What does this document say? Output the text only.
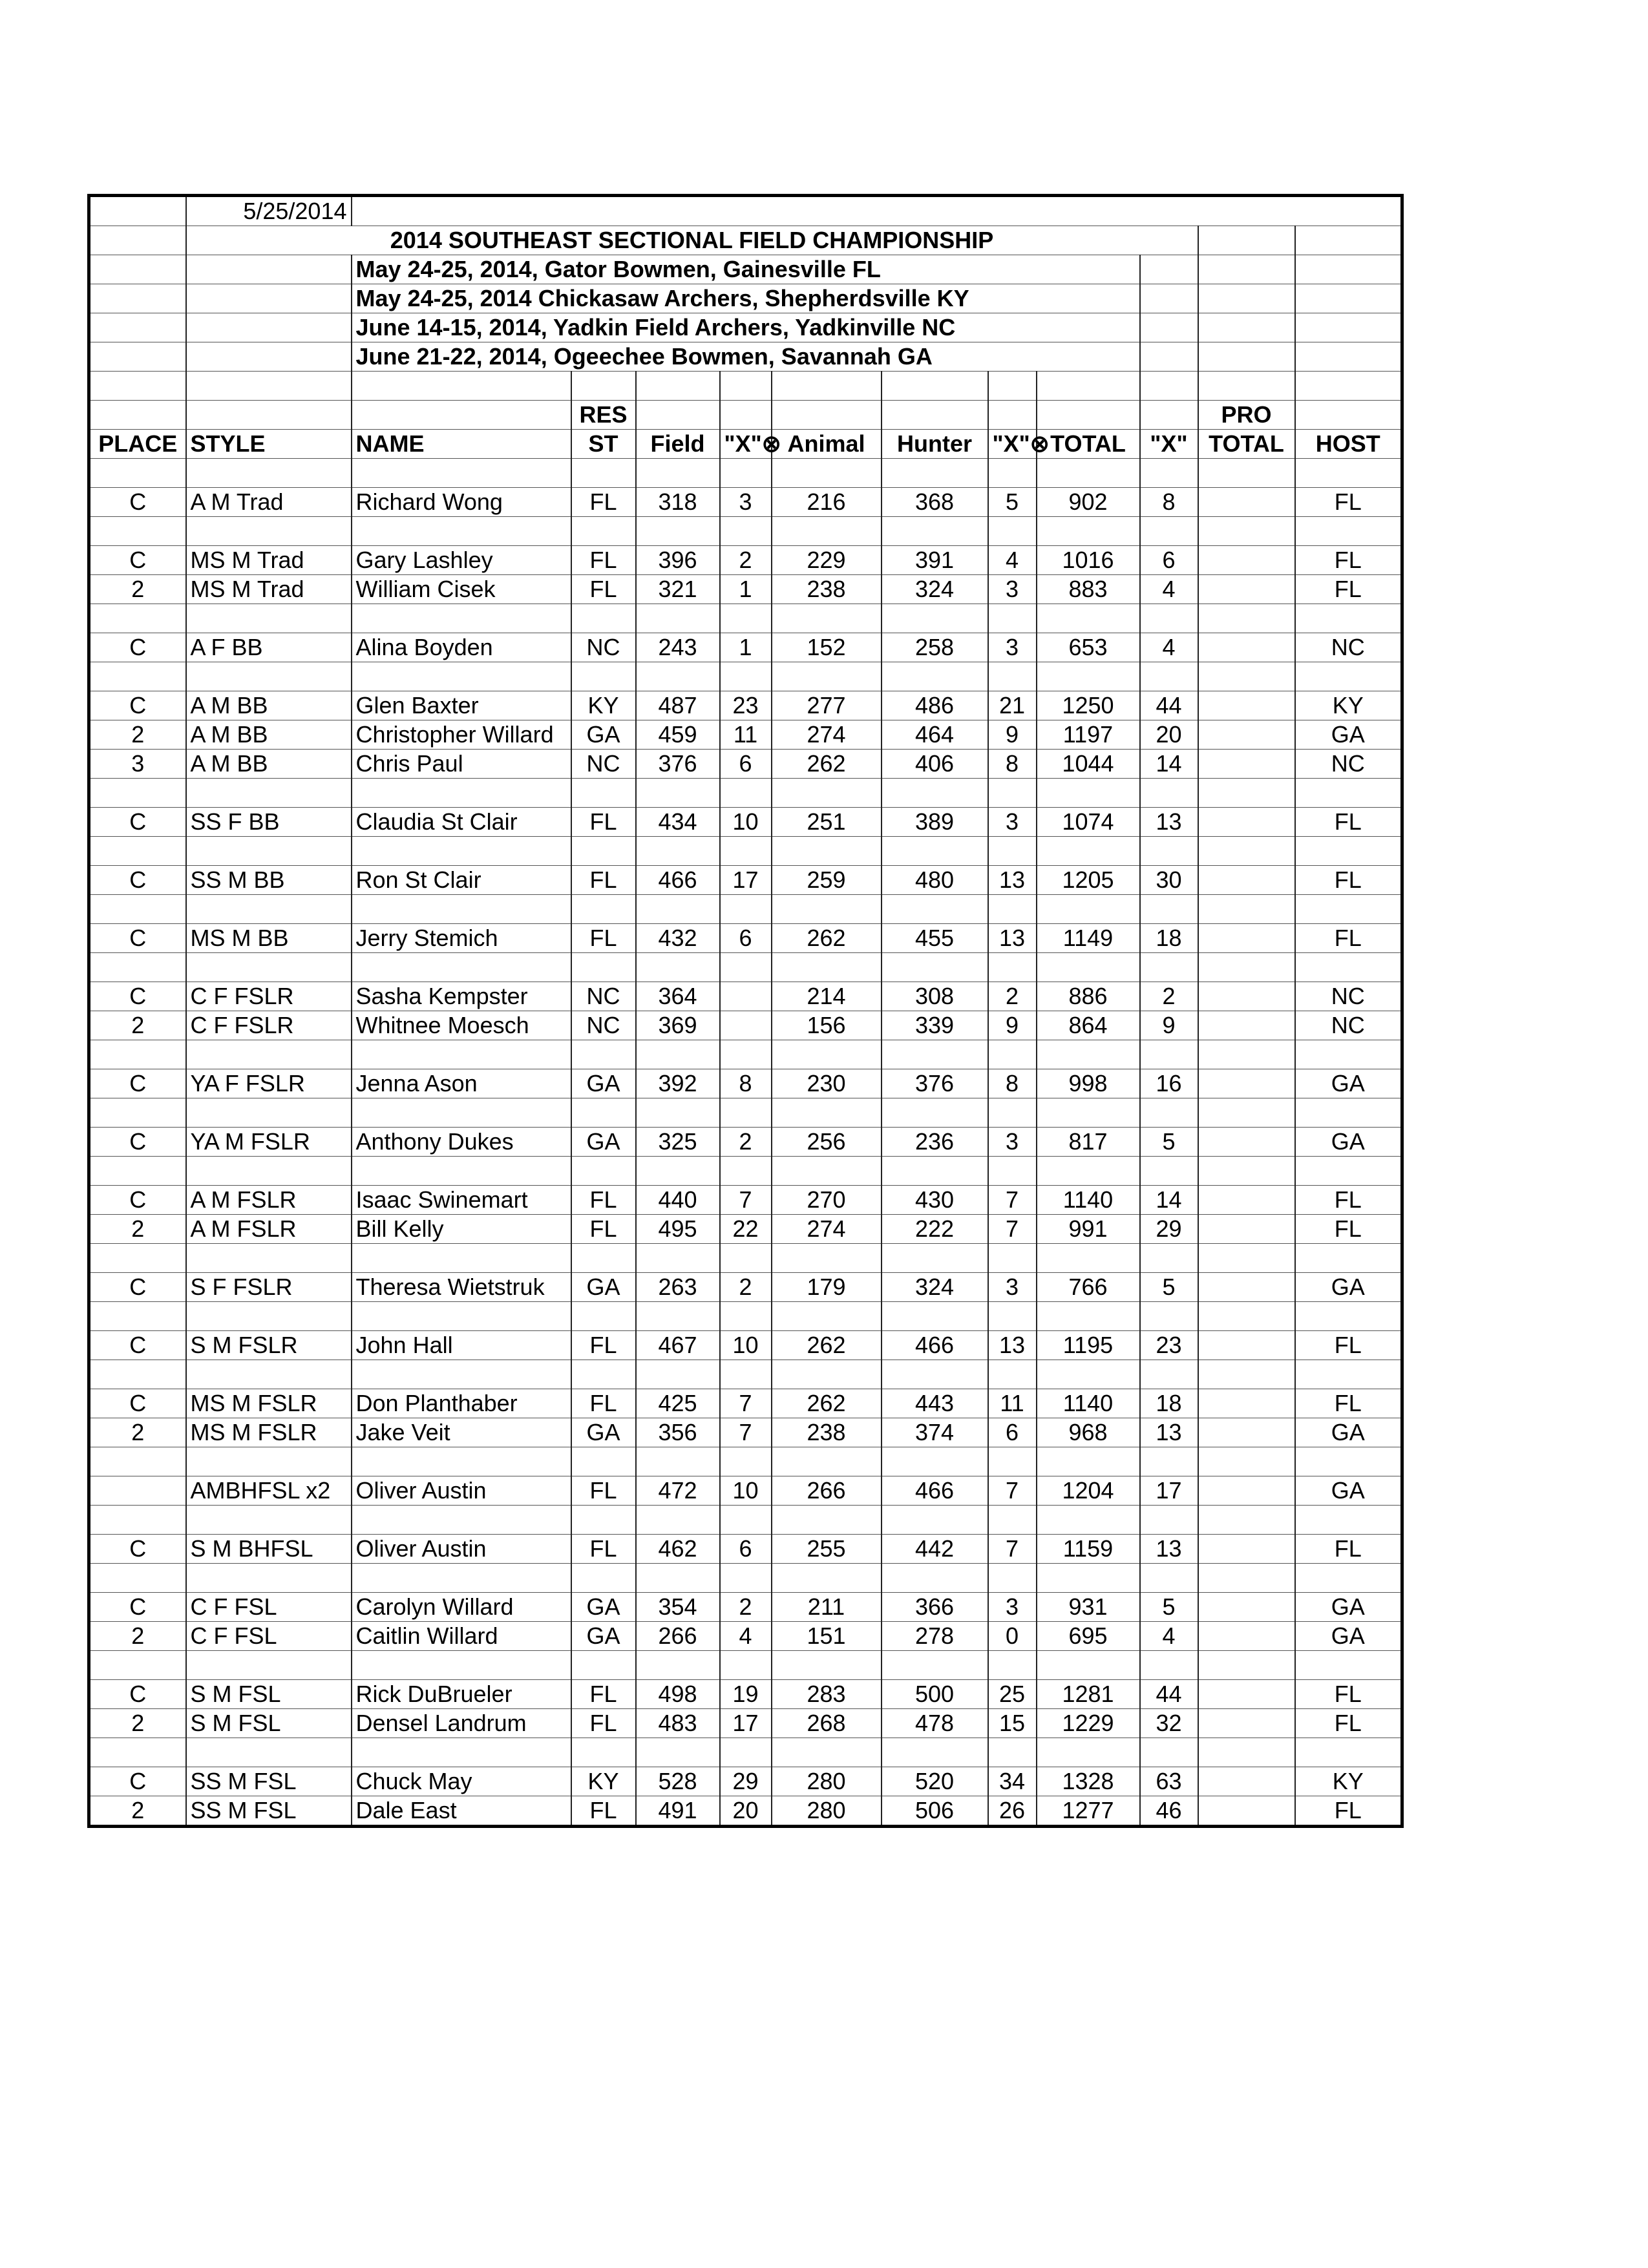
	5/25/2014											
	2014 SOUTHEAST SECTIONAL FIELD CHAMPIONSHIP											
		May 24-25, 2014, Gator Bowmen, Gainesville FL										
		May 24-25, 2014 Chickasaw Archers, Shepherdsville KY										
		June 14-15, 2014, Yadkin Field Archers, Yadkinville NC										
		June 21-22, 2014, Ogeechee Bowmen, Savannah GA										

			RES								PRO	
PLACE	STYLE	NAME	ST	Field	"X"⊗	Animal	Hunter	"X"⊗	TOTAL	"X"	TOTAL	HOST

C	A M Trad	Richard Wong	FL	318	3	216	368	5	902	8		FL

C	MS M Trad	Gary Lashley	FL	396	2	229	391	4	1016	6		FL
2	MS M Trad	William Cisek	FL	321	1	238	324	3	883	4		FL

C	A F BB	Alina Boyden	NC	243	1	152	258	3	653	4		NC

C	A M BB	Glen Baxter	KY	487	23	277	486	21	1250	44		KY
2	A M BB	Christopher Willard	GA	459	11	274	464	9	1197	20		GA
3	A M BB	Chris Paul	NC	376	6	262	406	8	1044	14		NC

C	SS F BB	Claudia St Clair	FL	434	10	251	389	3	1074	13		FL

C	SS M BB	Ron St Clair	FL	466	17	259	480	13	1205	30		FL

C	MS M BB	Jerry Stemich	FL	432	6	262	455	13	1149	18		FL

C	C F FSLR	Sasha Kempster	NC	364		214	308	2	886	2		NC
2	C F FSLR	Whitnee Moesch	NC	369		156	339	9	864	9		NC

C	YA F FSLR	Jenna Ason	GA	392	8	230	376	8	998	16		GA

C	YA M FSLR	Anthony Dukes	GA	325	2	256	236	3	817	5		GA

C	A M FSLR	Isaac Swinemart	FL	440	7	270	430	7	1140	14		FL
2	A M FSLR	Bill Kelly	FL	495	22	274	222	7	991	29		FL

C	S F FSLR	Theresa Wietstruk	GA	263	2	179	324	3	766	5		GA

C	S M FSLR	John Hall	FL	467	10	262	466	13	1195	23		FL

C	MS M FSLR	Don Planthaber	FL	425	7	262	443	11	1140	18		FL
2	MS M FSLR	Jake Veit	GA	356	7	238	374	6	968	13		GA

	AMBHFSL x2	Oliver Austin	FL	472	10	266	466	7	1204	17		GA

C	S M BHFSL	Oliver Austin	FL	462	6	255	442	7	1159	13		FL

C	C F FSL	Carolyn Willard	GA	354	2	211	366	3	931	5		GA
2	C F FSL	Caitlin Willard	GA	266	4	151	278	0	695	4		GA

C	S M FSL	Rick DuBrueler	FL	498	19	283	500	25	1281	44		FL
2	S M FSL	Densel Landrum	FL	483	17	268	478	15	1229	32		FL

C	SS M FSL	Chuck May	KY	528	29	280	520	34	1328	63		KY
2	SS M FSL	Dale East	FL	491	20	280	506	26	1277	46		FL
